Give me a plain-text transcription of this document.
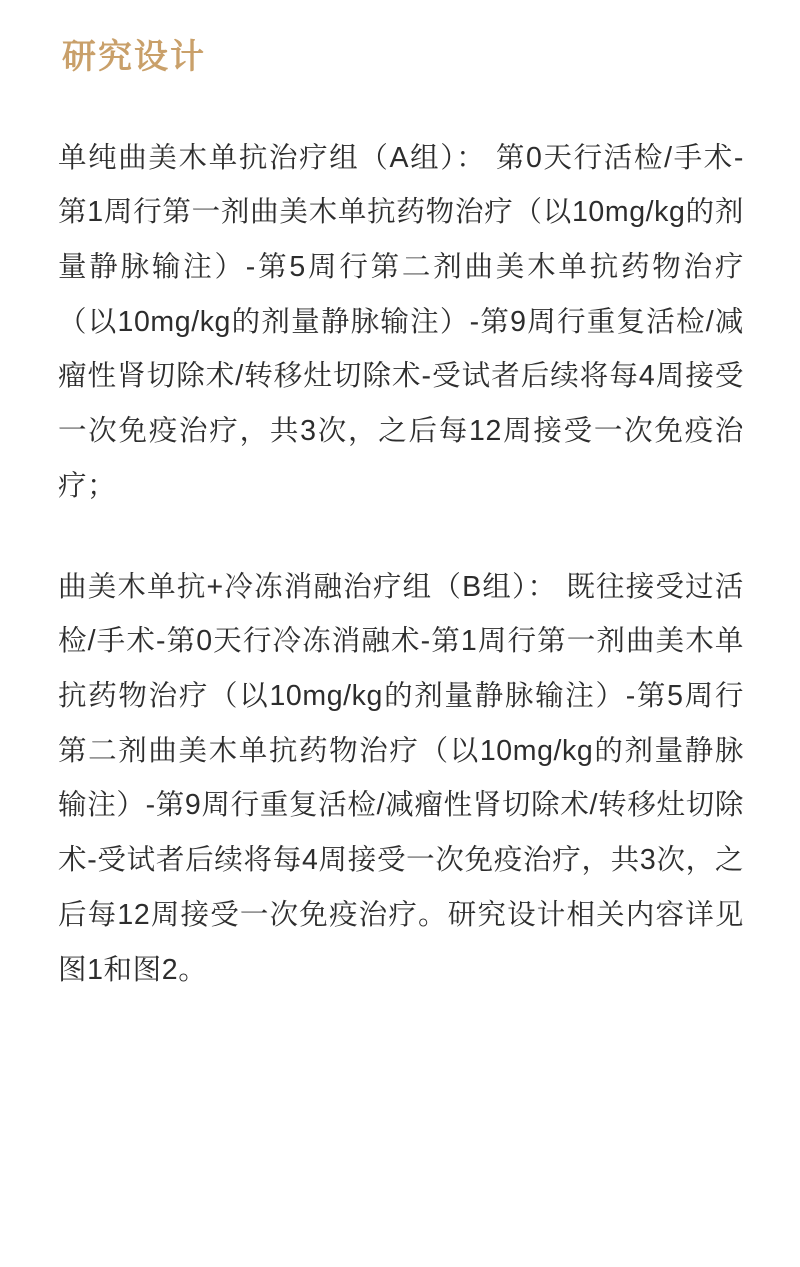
研究设计

单纯曲美木单抗治疗组（A组）： 第0天行活检/手术-第1周行第一剂曲美木单抗药物治疗（以10mg/kg的剂量静脉输注）-第5周行第二剂曲美木单抗药物治疗（以10mg/kg的剂量静脉输注）-第9周行重复活检/减瘤性肾切除术/转移灶切除术-受试者后续将每4周接受一次免疫治疗，共3次，之后每12周接受一次免疫治疗；

曲美木单抗+冷冻消融治疗组（B组）： 既往接受过活检/手术-第0天行冷冻消融术-第1周行第一剂曲美木单抗药物治疗（以10mg/kg的剂量静脉输注）-第5周行第二剂曲美木单抗药物治疗（以10mg/kg的剂量静脉输注）-第9周行重复活检/减瘤性肾切除术/转移灶切除术-受试者后续将每4周接受一次免疫治疗，共3次，之后每12周接受一次免疫治疗。研究设计相关内容详见图1和图2。
